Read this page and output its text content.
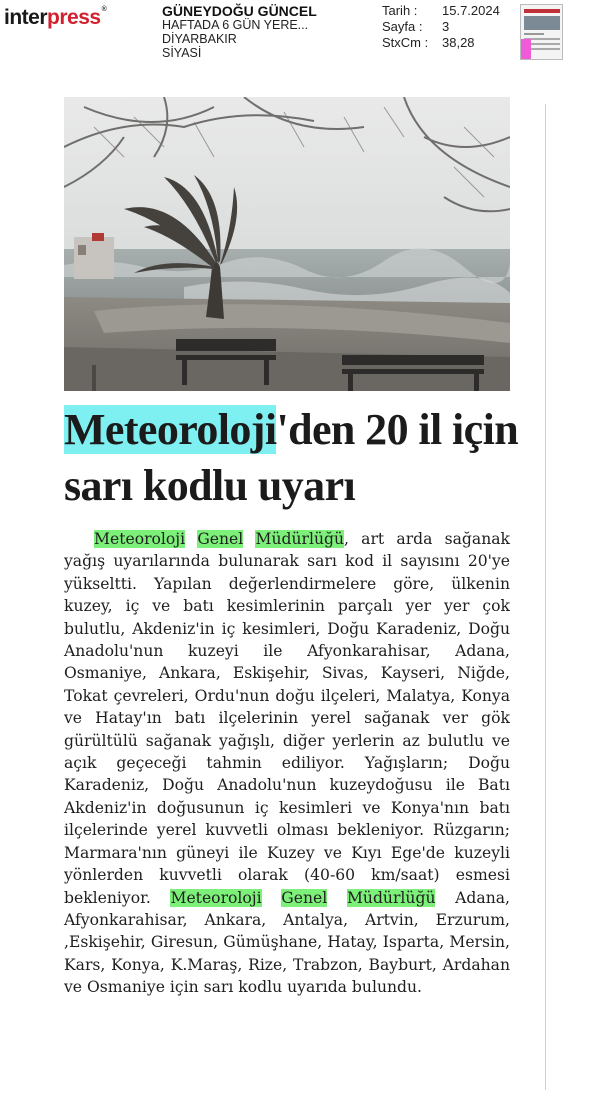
interpress®	GÜNEYDOĞU GÜNCEL
HAFTADA 6 GÜN YERE...
DİYARBAKIR
SİYASİ
Tarih :	15.7.2024
Sayfa :	3
StxCm :	38,28
Meteoroloji'den 20 il için
sarı kodlu uyarı

Meteoroloji Genel Müdürlüğü, art arda sağanak yağış uyarılarında bulunarak sarı kod il sayısını 20'ye yükseltti. Yapılan değerlendirmelere göre, ülkenin kuzey, iç ve batı kesimlerinin parçalı yer yer çok bulutlu, Akdeniz'in iç kesimleri, Doğu Karadeniz, Doğu Anadolu'nun kuzeyi ile Afyonkarahisar, Adana, Osmaniye, Ankara, Eskişehir, Sivas, Kayseri, Niğde, Tokat çevreleri, Ordu'nun doğu ilçeleri, Malatya, Konya ve Hatay'ın batı ilçelerinin yerel sağanak ver gök gürültülü sağanak yağışlı, diğer yerlerin az bulutlu ve açık geçeceği tahmin ediliyor. Yağışların; Doğu Karadeniz, Doğu Anadolu'nun kuzeydoğusu ile Batı Akdeniz'in doğusunun iç kesimleri ve Konya'nın batı ilçelerinde yerel kuvvetli olması bekleniyor. Rüzgarın; Marmara'nın güneyi ile Kuzey ve Kıyı Ege'de kuzeyli yönlerden kuvvetli olarak (40-60 km/saat) esmesi bekleniyor. Meteoroloji Genel Müdürlüğü Adana, Afyonkarahisar, Ankara, Antalya, Artvin, Erzurum, ,Eskişehir, Giresun, Gümüşhane, Hatay, Isparta, Mersin, Kars, Konya, K.Maraş, Rize, Trabzon, Bayburt, Ardahan ve Osmaniye için sarı kodlu uyarıda bulundu.
